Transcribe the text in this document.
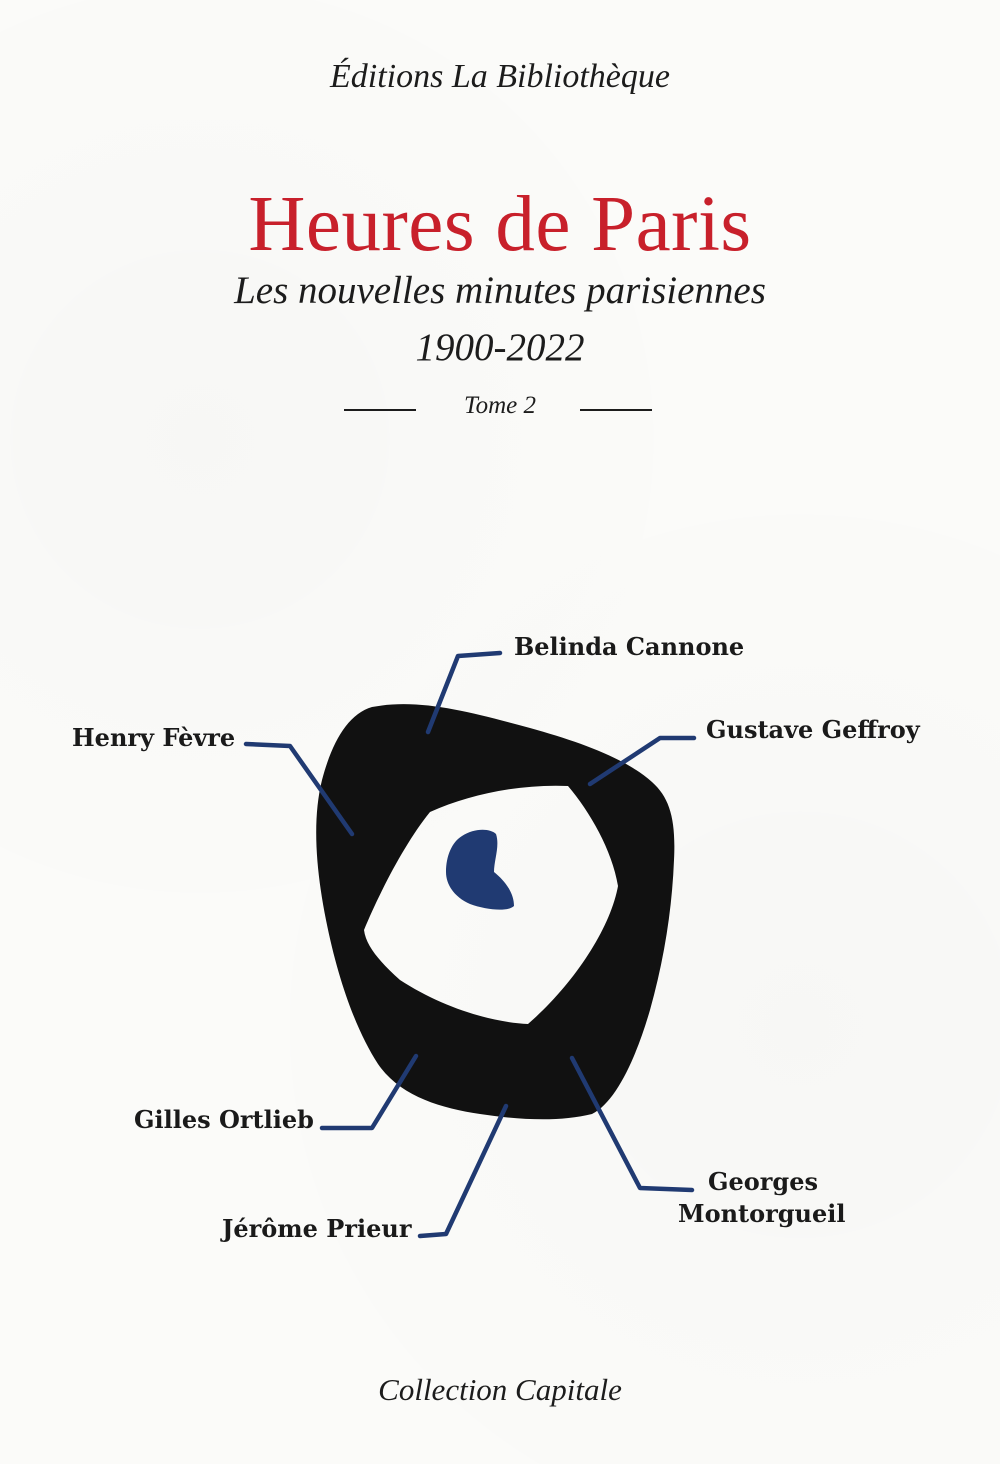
Éditions La Bibliothèque
Heures de Paris
Les nouvelles minutes parisiennes
1900-2022
Tome 2
Belinda Cannone
Henry Fèvre	Gustave Geffroy
Gilles Ortlieb
Jérôme Prieur
Georges
Montorgueil
Collection Capitale
